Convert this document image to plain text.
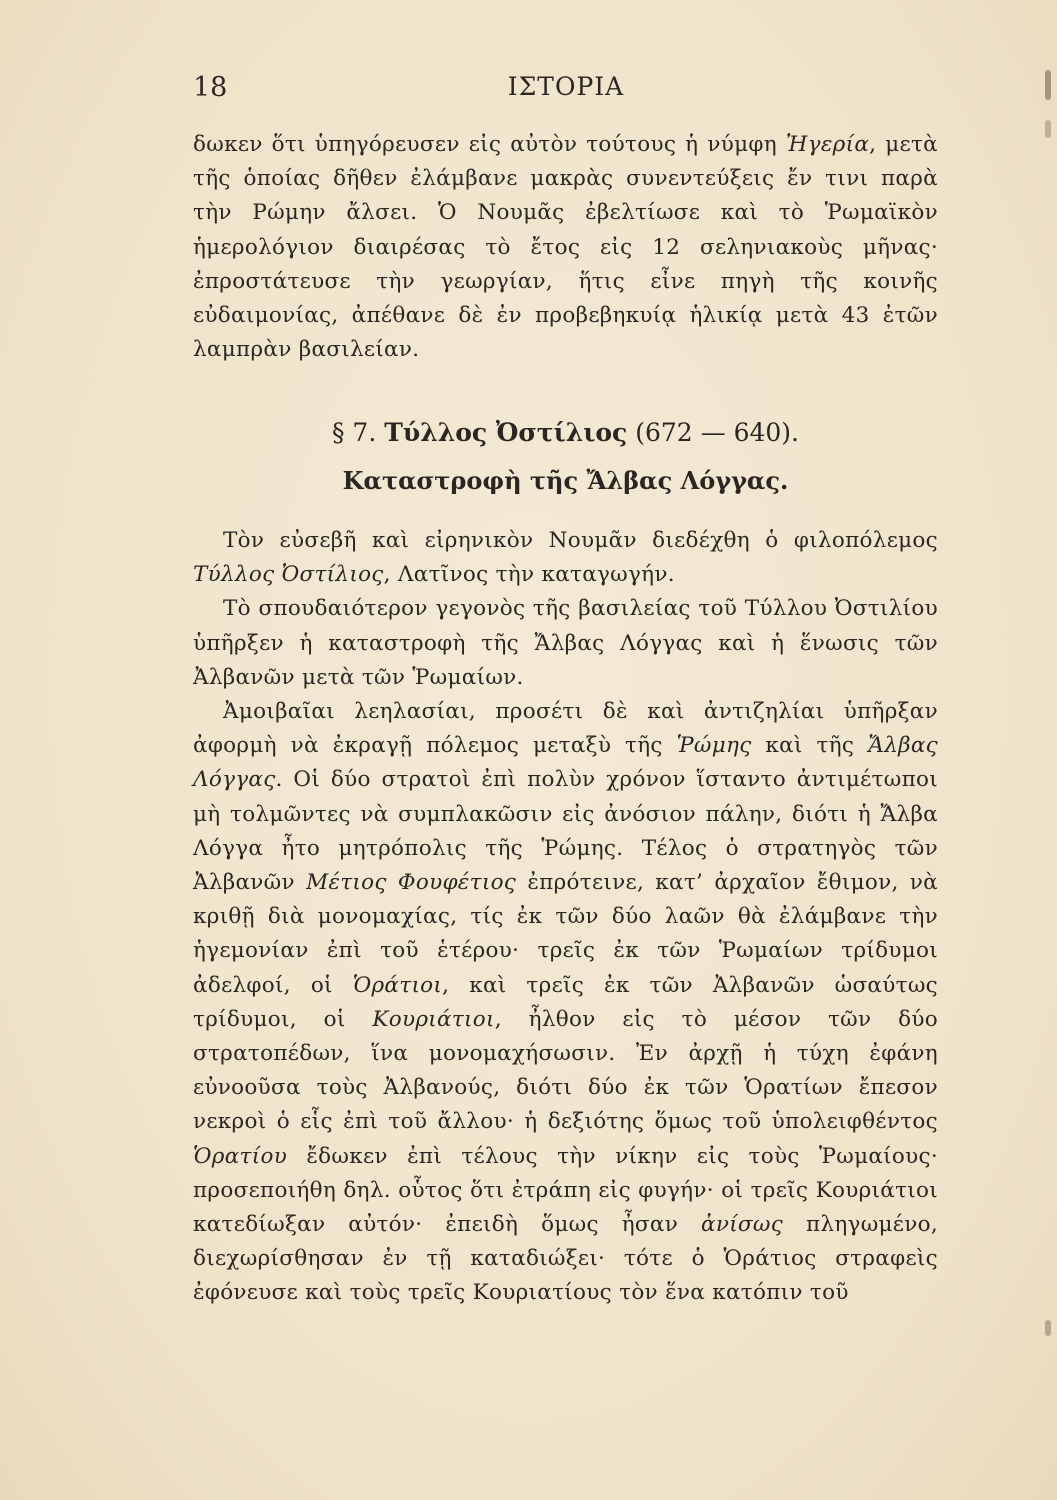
18	ΙΣΤΟΡΙΑ

δωκεν ὅτι ὑπηγόρευσεν εἰς αὐτὸν τούτους ἡ νύμφη Ἠγερία, μετὰ τῆς ὁποίας δῆθεν ἐλάμβανε μακρὰς συνεντεύξεις ἔν τινι παρὰ τὴν Ρώμην ἄλσει. Ὁ Νουμᾶς ἐβελτίωσε καὶ τὸ Ῥωμαϊκὸν ἡμερολόγιον διαιρέσας τὸ ἔτος εἰς 12 σεληνιακοὺς μῆνας· ἐπροστάτευσε τὴν γεωργίαν, ἥτις εἶνε πηγὴ τῆς κοινῆς εὐδαιμονίας, ἀπέθανε δὲ ἐν προβεβηκυίᾳ ἡλικίᾳ μετὰ 43 ἐτῶν λαμπρὰν βασιλείαν.

§ 7. Τύλλος Ὀστίλιος (672 — 640).
Καταστροφὴ τῆς Ἄλβας Λόγγας.

Τὸν εὐσεβῆ καὶ εἰρηνικὸν Νουμᾶν διεδέχθη ὁ φιλοπόλεμος Τύλλος Ὀστίλιος, Λατῖνος τὴν καταγωγήν.

Τὸ σπουδαιότερον γεγονὸς τῆς βασιλείας τοῦ Τύλλου Ὀστιλίου ὑπῆρξεν ἡ καταστροφὴ τῆς Ἄλβας Λόγγας καὶ ἡ ἕνωσις τῶν Ἀλβανῶν μετὰ τῶν Ῥωμαίων.

Ἀμοιβαῖαι λεηλασίαι, προσέτι δὲ καὶ ἀντιζηλίαι ὑπῆρξαν ἀφορμὴ νὰ ἐκραγῇ πόλεμος μεταξὺ τῆς Ῥώμης καὶ τῆς Ἄλβας Λόγγας. Οἱ δύο στρατοὶ ἐπὶ πολὺν χρόνον ἵσταντο ἀντιμέτωποι μὴ τολμῶντες νὰ συμπλακῶσιν εἰς ἀνόσιον πάλην, διότι ἡ Ἄλβα Λόγγα ἦτο μητρόπολις τῆς Ῥώμης. Τέλος ὁ στρατηγὸς τῶν Ἀλβανῶν Μέτιος Φουφέτιος ἐπρότεινε, κατ’ ἀρχαῖον ἔθιμον, νὰ κριθῇ διὰ μονομαχίας, τίς ἐκ τῶν δύο λαῶν θὰ ἐλάμβανε τὴν ἡγεμονίαν ἐπὶ τοῦ ἑτέρου· τρεῖς ἐκ τῶν Ῥωμαίων τρίδυμοι ἀδελφοί, οἱ Ὁράτιοι, καὶ τρεῖς ἐκ τῶν Ἀλβανῶν ὡσαύτως τρίδυμοι, οἱ Κουριάτιοι, ἦλθον εἰς τὸ μέσον τῶν δύο στρατοπέδων, ἵνα μονομαχήσωσιν. Ἐν ἀρχῇ ἡ τύχη ἐφάνη εὐνοοῦσα τοὺς Ἀλβανούς, διότι δύο ἐκ τῶν Ὁρατίων ἔπεσον νεκροὶ ὁ εἷς ἐπὶ τοῦ ἄλλου· ἡ δεξιότης ὅμως τοῦ ὑπολειφθέντος Ὁρατίου ἔδωκεν ἐπὶ τέλους τὴν νίκην εἰς τοὺς Ῥωμαίους· προσεποιήθη δηλ. οὗτος ὅτι ἐτράπη εἰς φυγήν· οἱ τρεῖς Κουριάτιοι κατεδίωξαν αὐτόν· ἐπειδὴ ὅμως ἦσαν ἀνίσως πληγωμένο, διεχωρίσθησαν ἐν τῇ καταδιώξει· τότε ὁ Ὁράτιος στραφεὶς ἐφόνευσε καὶ τοὺς τρεῖς Κουριατίους τὸν ἕνα κατόπιν τοῦ
